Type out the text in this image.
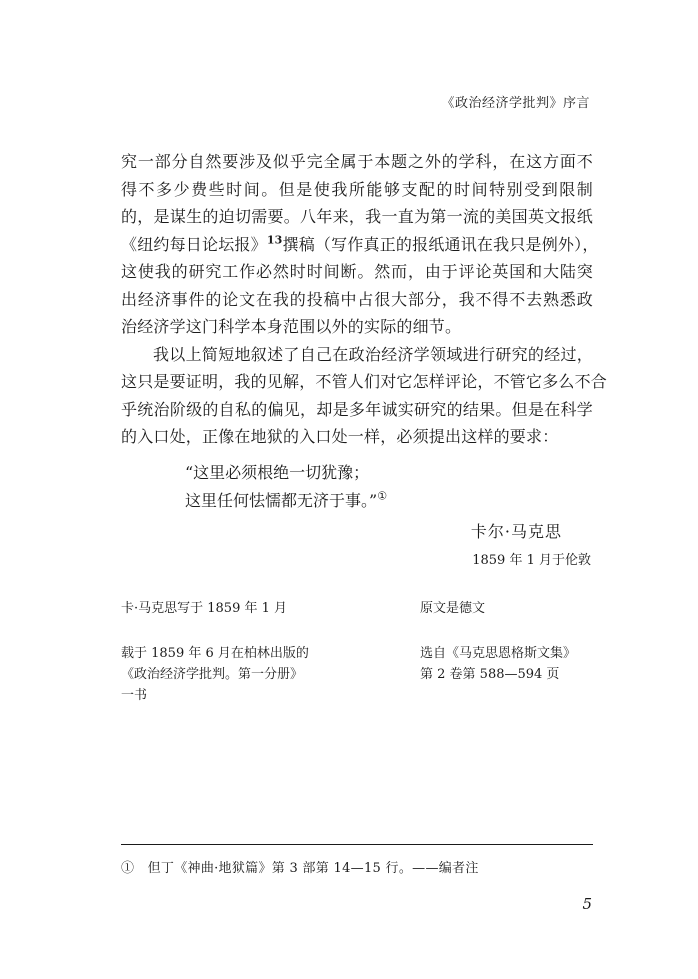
《政治经济学批判》序言
究一部分自然要涉及似乎完全属于本题之外的学科，在这方面不
得不多少费些时间。但是使我所能够支配的时间特别受到限制
的，是谋生的迫切需要。八年来，我一直为第一流的美国英文报纸
《纽约每日论坛报》$^{13}$撰稿（写作真正的报纸通讯在我只是例外），
这使我的研究工作必然时时间断。然而，由于评论英国和大陆突
出经济事件的论文在我的投稿中占很大部分，我不得不去熟悉政
治经济学这门科学本身范围以外的实际的细节。
我以上简短地叙述了自己在政治经济学领域进行研究的经过，
这只是要证明，我的见解，不管人们对它怎样评论，不管它多么不合
乎统治阶级的自私的偏见，却是多年诚实研究的结果。但是在科学
的入口处，正像在地狱的入口处一样，必须提出这样的要求：
“这里必须根绝一切犹豫；
这里任何怯懦都无济于事。”①
卡尔·马克思
1859 年 1 月于伦敦
卡·马克思写于 1859 年 1 月	原文是德文
载于 1859 年 6 月在柏林出版的
《政治经济学批判。第一分册》
一书
选自《马克思恩格斯文集》
第 2 卷第 588—594 页
① 但丁《神曲·地狱篇》第 3 部第 14—15 行。——编者注
5
